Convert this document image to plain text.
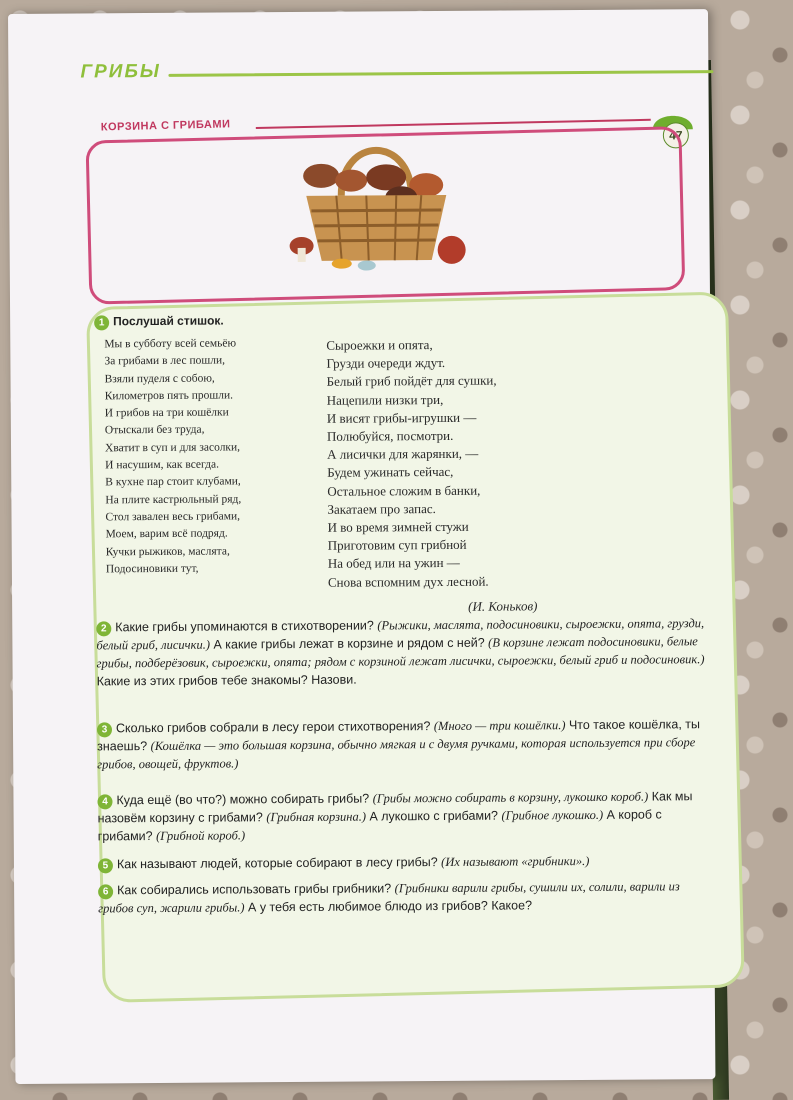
ГРИБЫ
47
КОРЗИНА С ГРИБАМИ
1 Послушай стишок.
Мы в субботу всей семьёю
За грибами в лес пошли,
Взяли пуделя с собою,
Километров пять прошли.
И грибов на три кошёлки
Отыскали без труда,
Хватит в суп и для засолки,
И насушим, как всегда.
В кухне пар стоит клубами,
На плите кастрюльный ряд,
Стол завален весь грибами,
Моем, варим всё подряд.
Кучки рыжиков, маслята,
Подосиновики тут,
Сыроежки и опята,
Грузди очереди ждут.
Белый гриб пойдёт для сушки,
Нацепили низки три,
И висят грибы-игрушки —
Полюбуйся, посмотри.
А лисички для жарянки, —
Будем ужинать сейчас,
Остальное сложим в банки,
Закатаем про запас.
И во время зимней стужи
Приготовим суп грибной
На обед или на ужин —
Снова вспомним дух лесной.
(И. Коньков)
2 Какие грибы упоминаются в стихотворении? (Рыжики, маслята, подосиновики, сыроежки, опята, грузди, белый гриб, лисички.) А какие грибы лежат в корзине и рядом с ней? (В корзине лежат подосиновики, белые грибы, подберёзовик, сыроежки, опята; рядом с корзиной лежат лисички, сыроежки, белый гриб и подосиновик.) Какие из этих грибов тебе знакомы? Назови.
3 Сколько грибов собрали в лесу герои стихотворения? (Много — три кошёлки.) Что такое кошёлка, ты знаешь? (Кошёлка — это большая корзина, обычно мягкая и с двумя ручками, которая используется при сборе грибов, овощей, фруктов.)
4 Куда ещё (во что?) можно собирать грибы? (Грибы можно собирать в корзину, лукошко короб.) Как мы назовём корзину с грибами? (Грибная корзина.) А лукошко с грибами? (Грибное лукошко.) А короб с грибами? (Грибной короб.)
5 Как называют людей, которые собирают в лесу грибы? (Их называют «грибники».)
6 Как собирались использовать грибы грибники? (Грибники варили грибы, сушили их, солили, варили из грибов суп, жарили грибы.) А у тебя есть любимое блюдо из грибов? Какое?
